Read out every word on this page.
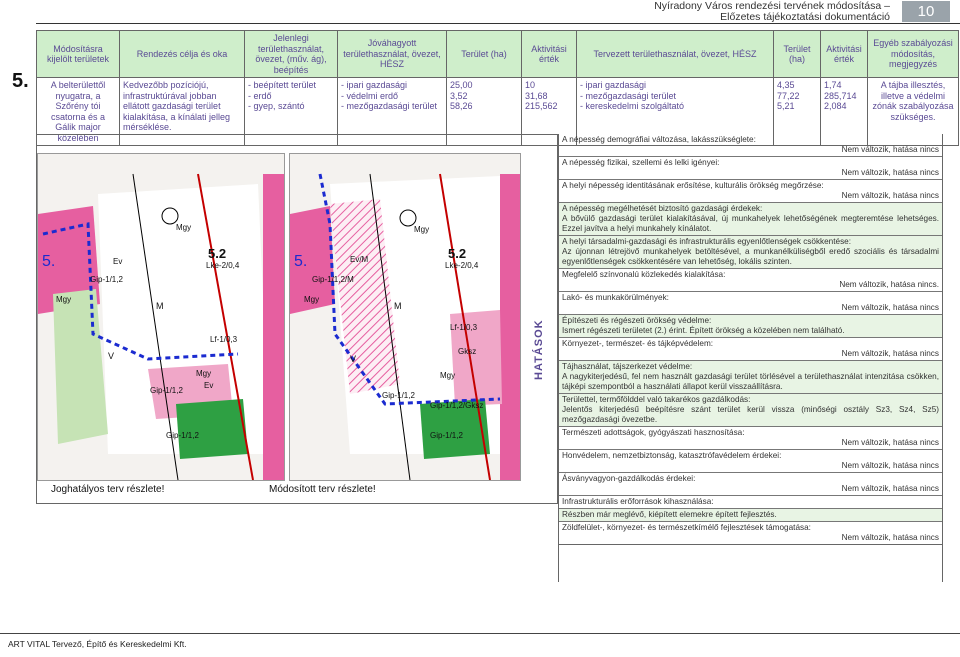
Nyíradony Város rendezési tervének módosítása –
Előzetes tájékoztatási dokumentáció	10
5.
Módosításra kijelölt területek	Rendezés célja és oka	Jelenlegi területhasználat, övezet, (műv. ág), beépítés	Jóváhagyott területhasználat, övezet, HÉSZ	Terület (ha)	Aktivitási érték	Tervezett területhasználat, övezet, HÉSZ	Terület (ha)	Aktivitási érték	Egyéb szabályozási módosítás, megjegyzés
A belterülettől nyugatra, a Szőrény tói csatorna és a Gálik major közelében	Kedvezőbb pozíciójú, infrastruktúrával jobban ellátott gazdasági terület kialakítása, a kínálati jelleg mérséklése.	- beépített terület
- erdő
- gyep, szántó	- ipari gazdasági
- védelmi erdő
- mezőgazdasági terület	25,00
3,52
58,26	10
31,68
215,562	- ipari gazdasági
- mezőgazdasági terület
- kereskedelmi szolgáltató	4,35
77,22
5,21	1,74
285,714
2,084	A tájba illesztés, illetve a védelmi zónák szabályozása szükséges.
5.	5.2
Mgy
Mgy
Ev
M
V
Gip-1/1,2
Lke-2/0,4
Lf-1/0,3
Mgy
Ev
Gip-1/1,2
Gip-1/1,2
Joghatályos terv részlete!
5.	5.2
Mgy
Mgy
Ev/M
M
V
Gip-1/1,2/M
Lke-2/0,4
Lf-1/0,3
Gksz
Mgy
Gip-1/1,2/Gksz
Gip-1/1,2
Gip-1/1,2
Módosított terv részlete!
HATÁSOK
A népesség demográfiai változása, lakásszükséglete:
Nem változik, hatása nincs
A népesség fizikai, szellemi és lelki igényei:
Nem változik, hatása nincs
A helyi népesség identitásának erősítése, kulturális örökség megőrzése:
Nem változik, hatása nincs
A népesség megélhetését biztosító gazdasági érdekek:
A bővülő gazdasági terület kialakításával, új munkahelyek lehetőségének megteremtése lehetséges. Ezzel javítva a helyi munkahely kínálatot.
A helyi társadalmi-gazdasági és infrastrukturális egyenlőtlenségek csökkentése:
Az újonnan létrejövő munkahelyek betöltésével, a munkanélküliségből eredő szociális és társadalmi egyenlőtlenségek csökkentésére van lehetőség, lokális szinten.
Megfelelő színvonalú közlekedés kialakítása:
Nem változik, hatása nincs.
Lakó- és munkakörülmények:
Nem változik, hatása nincs
Építészeti és régészeti örökség védelme:
Ismert régészeti területet (2.) érint. Épített örökség a közelében nem található.
Környezet-, természet- és tájképvédelem:
Nem változik, hatása nincs
Tájhasználat, tájszerkezet védelme:
A nagykiterjedésű, fel nem használt gazdasági terület törlésével a területhasználat intenzitása csökken, tájképi szempontból a használati állapot kerül visszaállításra.
Területtel, termőfölddel való takarékos gazdálkodás:
Jelentős kiterjedésű beépítésre szánt terület kerül vissza (minőségi osztály Sz3, Sz4, Sz5) mezőgazdasági övezetbe.
Természeti adottságok, gyógyászati hasznosítása:
Nem változik, hatása nincs
Honvédelem, nemzetbiztonság, katasztrófavédelem érdekei:
Nem változik, hatása nincs
Ásványvagyon-gazdálkodás érdekei:
Nem változik, hatása nincs
Infrastrukturális erőforrások kihasználása:
Részben már meglévő, kiépített elemekre épített fejlesztés.
Zöldfelület-, környezet- és természetkímélő fejlesztések támogatása:
Nem változik, hatása nincs
ART VITAL Tervező, Építő és Kereskedelmi Kft.
